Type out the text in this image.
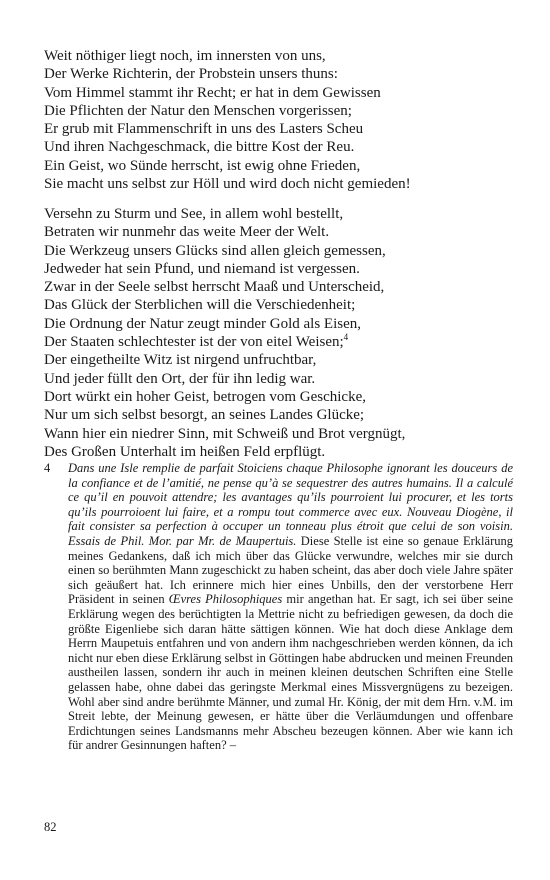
Weit nöthiger liegt noch, im innersten von uns,
Der Werke Richterin, der Probstein unsers thuns:
Vom Himmel stammt ihr Recht; er hat in dem Gewissen
Die Pflichten der Natur den Menschen vorgerissen;
Er grub mit Flammenschrift in uns des Lasters Scheu
Und ihren Nachgeschmack, die bittre Kost der Reu.
Ein Geist, wo Sünde herrscht, ist ewig ohne Frieden,
Sie macht uns selbst zur Höll und wird doch nicht gemieden!
Versehn zu Sturm und See, in allem wohl bestellt,
Betraten wir nunmehr das weite Meer der Welt.
Die Werkzeug unsers Glücks sind allen gleich gemessen,
Jedweder hat sein Pfund, und niemand ist vergessen.
Zwar in der Seele selbst herrscht Maaß und Unterscheid,
Das Glück der Sterblichen will die Verschiedenheit;
Die Ordnung der Natur zeugt minder Gold als Eisen,
Der Staaten schlechtester ist der von eitel Weisen;$^4$
Der eingetheilte Witz ist nirgend unfruchtbar,
Und jeder füllt den Ort, der für ihn ledig war.
Dort würkt ein hoher Geist, betrogen vom Geschicke,
Nur um sich selbst besorgt, an seines Landes Glücke;
Wann hier ein niedrer Sinn, mit Schweiß und Brot vergnügt,
Des Großen Unterhalt im heißen Feld erpflügt.
4 Dans une Isle remplie de parfait Stoiciens chaque Philosophe ignorant les douceurs de la confiance et de l’amitié, ne pense qu’à se sequestrer des autres humains. Il a calculé ce qu’il en pouvoit attendre; les avantages qu’ils pourroient lui procurer, et les torts qu’ils pourroioent lui faire, et a rompu tout commerce avec eux. Nouveau Diogène, il fait consister sa perfection à occuper un tonneau plus étroit que celui de son voisin. Essais de Phil. Mor. par Mr. de Maupertuis. Diese Stelle ist eine so genaue Erklärung meines Gedankens, daß ich mich über das Glücke verwundre, welches mir sie durch einen so berühmten Mann zugeschickt zu haben scheint, das aber doch viele Jahre später sich geäußert hat. Ich erinnere mich hier eines Unbills, den der verstorbene Herr Präsident in seinen Œvres Philosophiques mir angethan hat. Er sagt, ich sei über seine Erklärung wegen des berüchtigten la Mettrie nicht zu befriedigen gewesen, da doch die größte Eigenliebe sich daran hätte sättigen können. Wie hat doch diese Anklage dem Herrn Maupetuis entfahren und von andern ihm nachgeschrieben werden können, da ich nicht nur eben diese Erklärung selbst in Göttingen habe abdrucken und meinen Freunden austheilen lassen, sondern ihr auch in meinen kleinen deutschen Schriften eine Stelle gelassen habe, ohne dabei das geringste Merkmal eines Missvergnügens zu bezeigen. Wohl aber sind andre berühmte Männer, und zumal Hr. König, der mit dem Hrn. v.M. im Streit lebte, der Meinung gewesen, er hätte über die Verläumdungen und offenbare Erdichtungen seines Landsmanns mehr Abscheu bezeugen können. Aber wie kann ich für andrer Gesinnungen haften? –
82
